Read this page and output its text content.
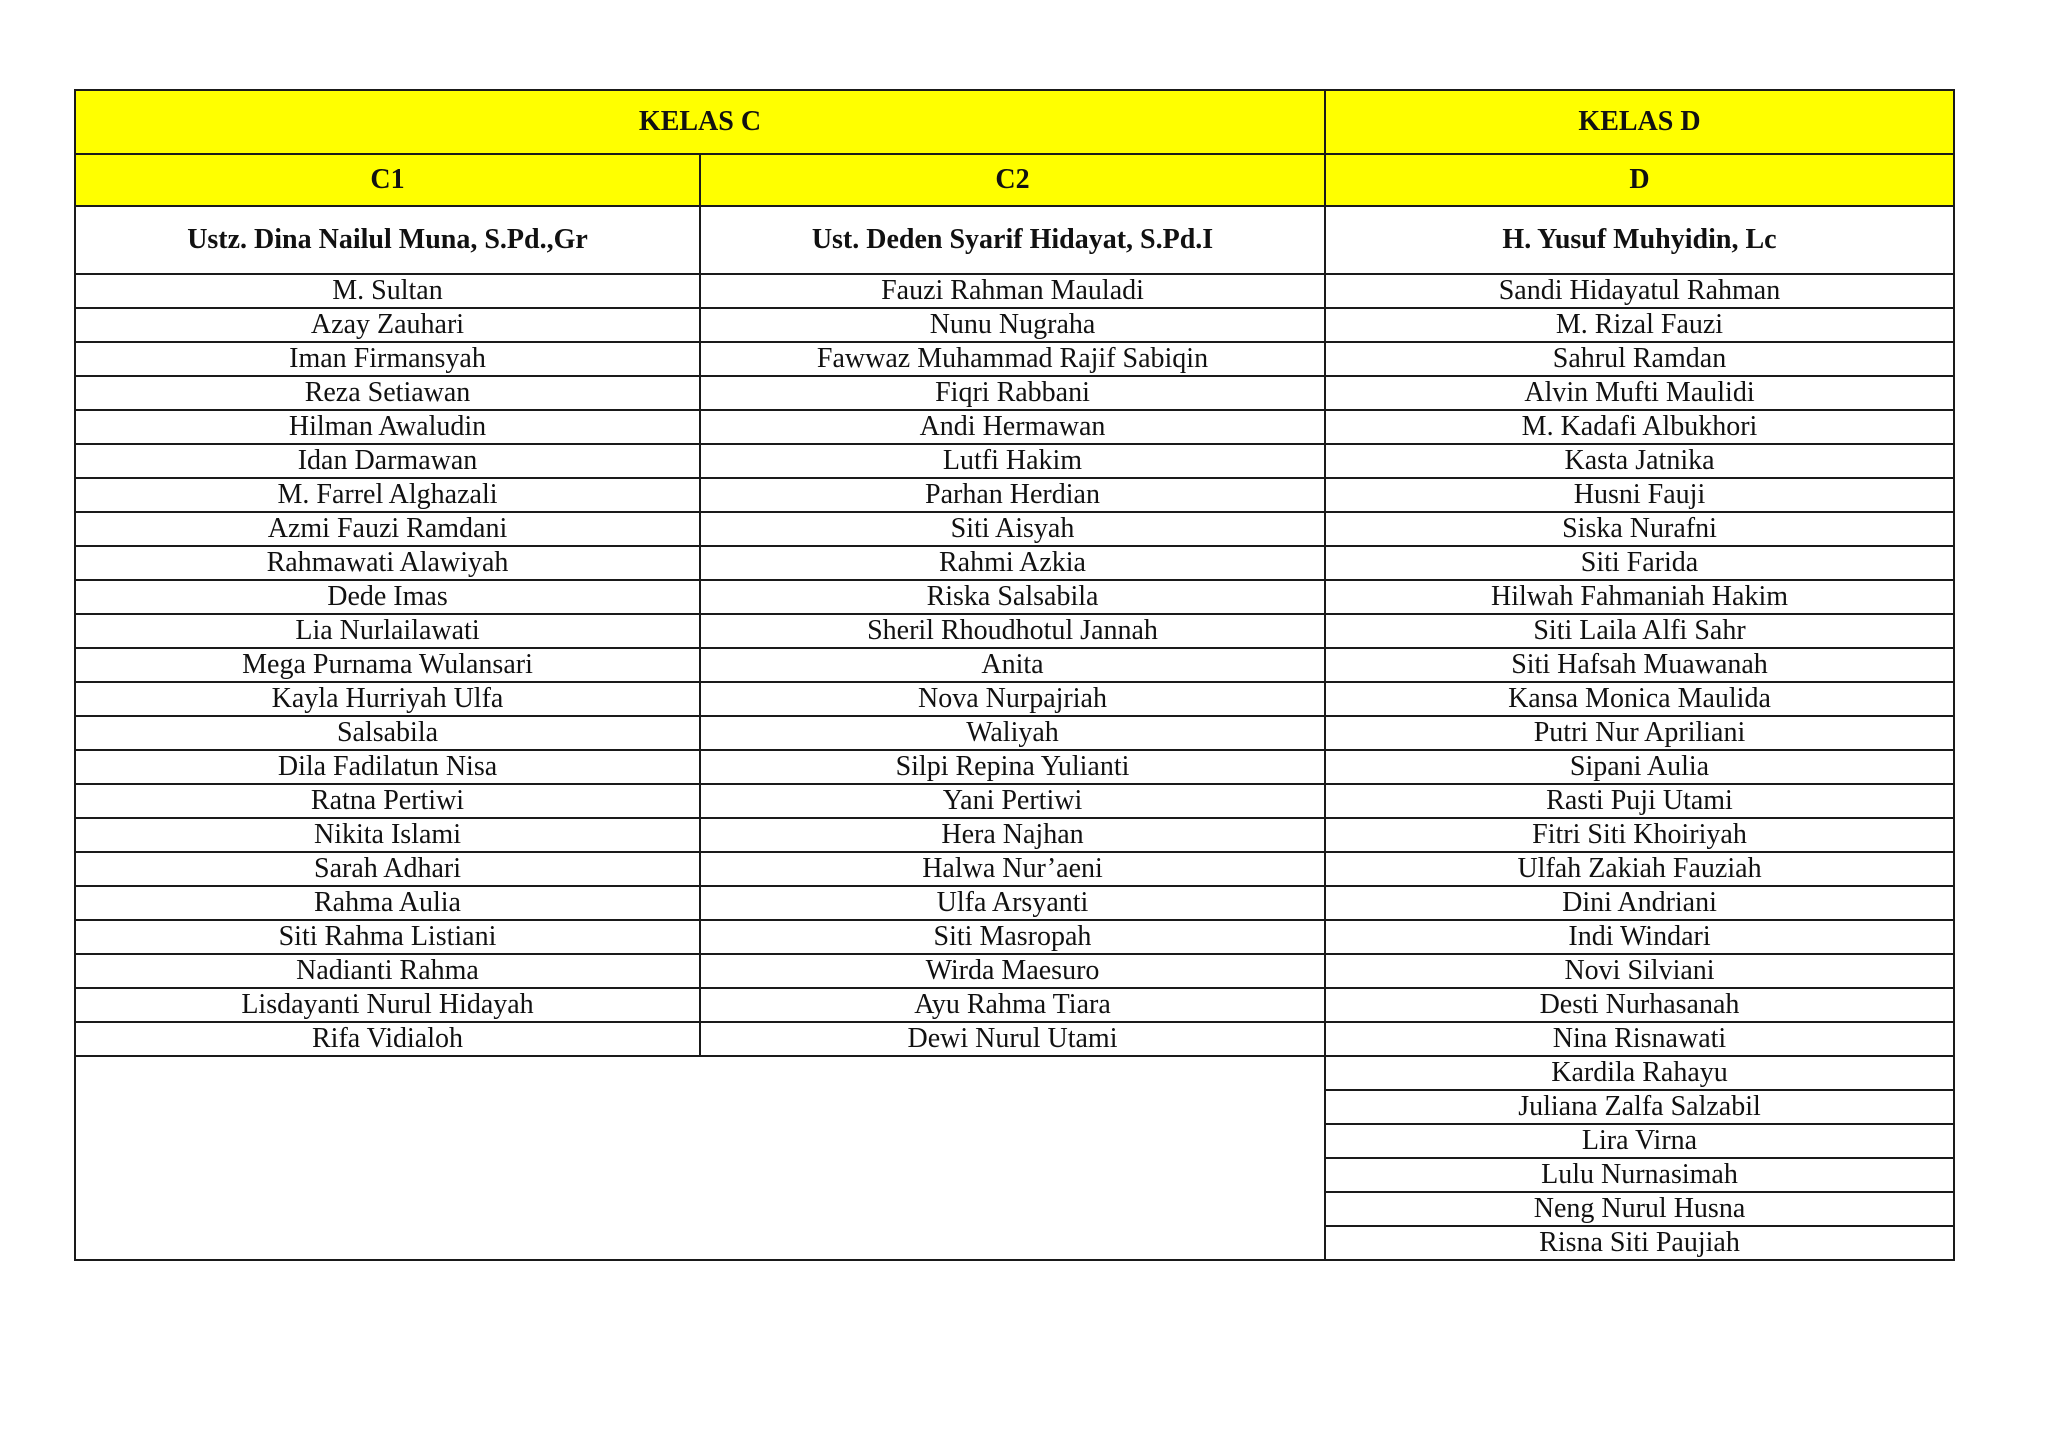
KELAS C		KELAS D
C1	C2	D
Ustz. Dina Nailul Muna, S.Pd.,Gr	Ust. Deden Syarif Hidayat, S.Pd.I	H. Yusuf Muhyidin, Lc
M. Sultan	Fauzi Rahman Mauladi	Sandi Hidayatul Rahman
Azay Zauhari	Nunu Nugraha	M. Rizal Fauzi
Iman Firmansyah	Fawwaz Muhammad Rajif Sabiqin	Sahrul Ramdan
Reza Setiawan	Fiqri Rabbani	Alvin Mufti Maulidi
Hilman Awaludin	Andi Hermawan	M. Kadafi Albukhori
Idan Darmawan	Lutfi Hakim	Kasta Jatnika
M. Farrel Alghazali	Parhan Herdian	Husni Fauji
Azmi Fauzi Ramdani	Siti Aisyah	Siska Nurafni
Rahmawati Alawiyah	Rahmi Azkia	Siti Farida
Dede Imas	Riska Salsabila	Hilwah Fahmaniah Hakim
Lia Nurlailawati	Sheril Rhoudhotul Jannah	Siti Laila Alfi Sahr
Mega Purnama Wulansari	Anita	Siti Hafsah Muawanah
Kayla Hurriyah Ulfa	Nova Nurpajriah	Kansa Monica Maulida
Salsabila	Waliyah	Putri Nur Apriliani
Dila Fadilatun Nisa	Silpi Repina Yulianti	Sipani Aulia
Ratna Pertiwi	Yani Pertiwi	Rasti Puji Utami
Nikita Islami	Hera Najhan	Fitri Siti Khoiriyah
Sarah Adhari	Halwa Nur’aeni	Ulfah Zakiah Fauziah
Rahma Aulia	Ulfa Arsyanti	Dini Andriani
Siti Rahma Listiani	Siti Masropah	Indi Windari
Nadianti Rahma	Wirda Maesuro	Novi Silviani
Lisdayanti Nurul Hidayah	Ayu Rahma Tiara	Desti Nurhasanah
Rifa Vidialoh	Dewi Nurul Utami	Nina Risnawati
		Kardila Rahayu
		Juliana Zalfa Salzabil
		Lira Virna
		Lulu Nurnasimah
		Neng Nurul Husna
		Risna Siti Paujiah
